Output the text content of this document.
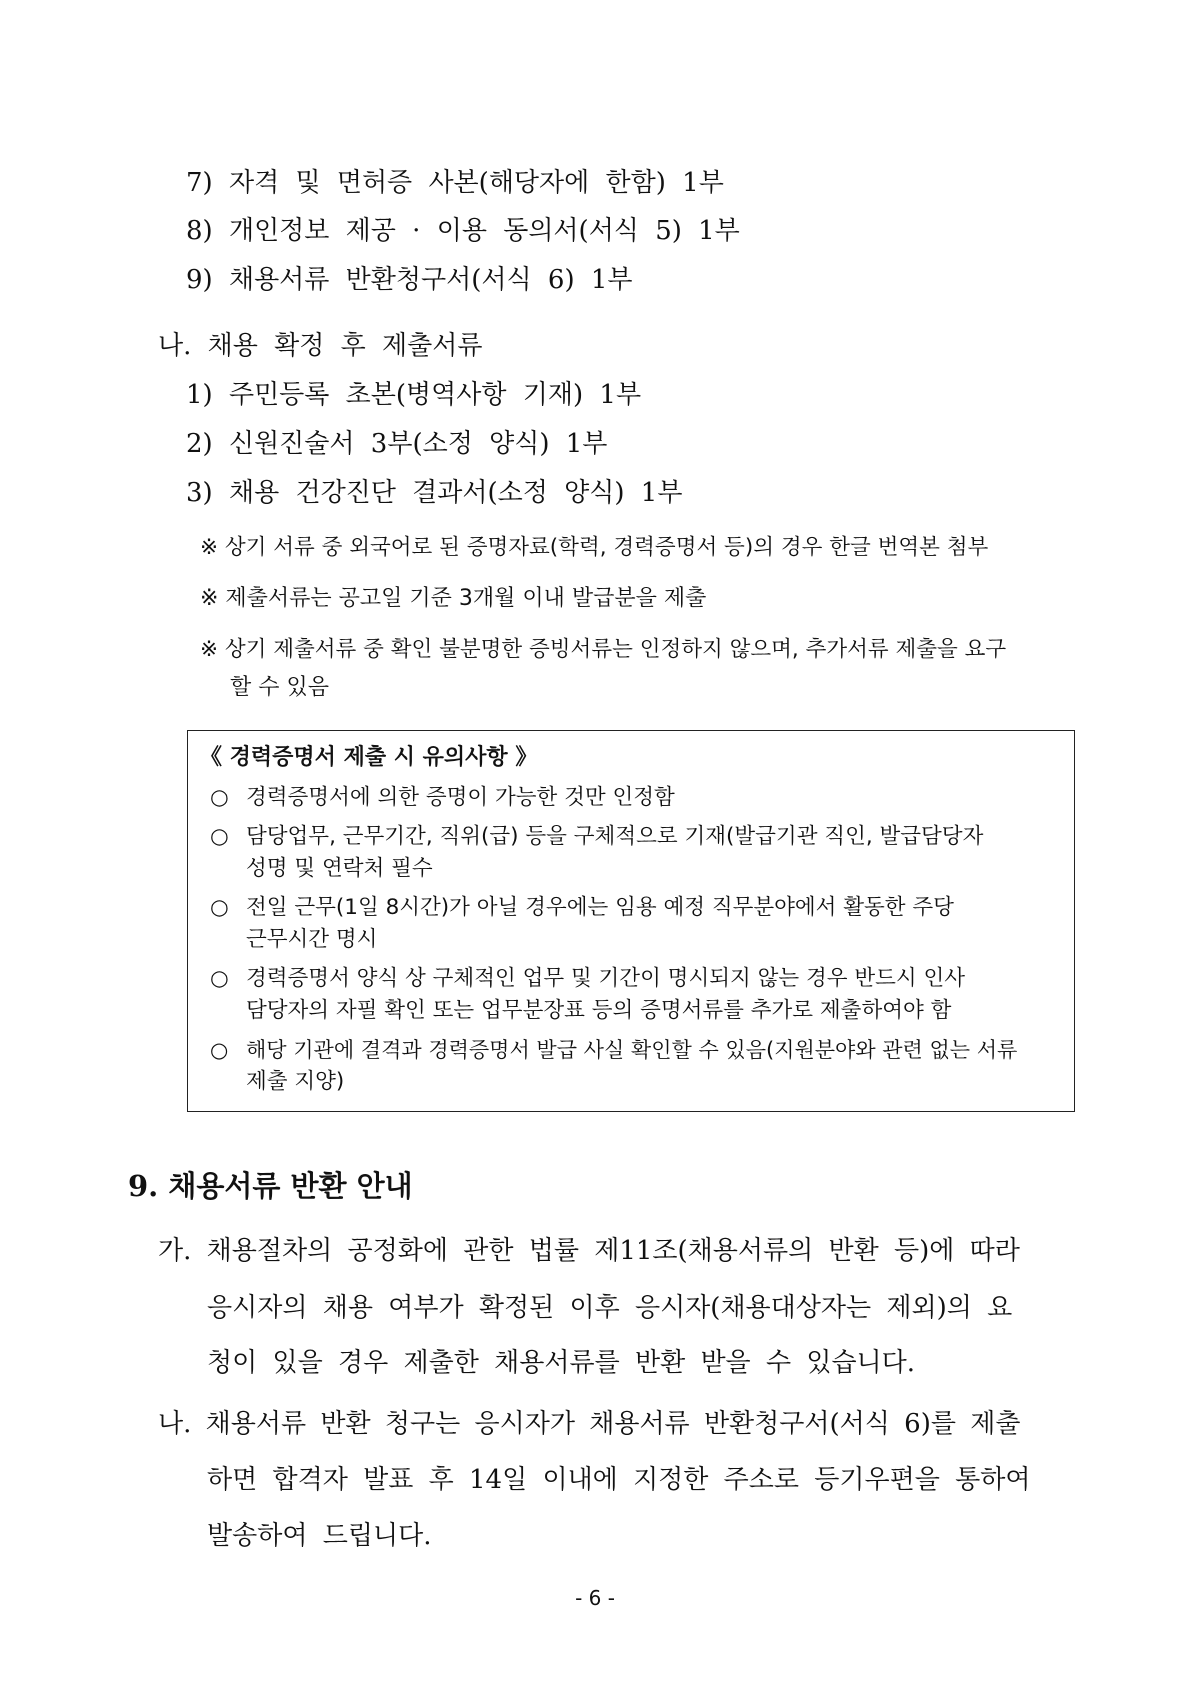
7) 자격 및 면허증 사본(해당자에 한함) 1부
8) 개인정보 제공 · 이용 동의서(서식 5) 1부
9) 채용서류 반환청구서(서식 6) 1부
나. 채용 확정 후 제출서류
1) 주민등록 초본(병역사항 기재) 1부
2) 신원진술서 3부(소정 양식) 1부
3) 채용 건강진단 결과서(소정 양식) 1부
※ 상기 서류 중 외국어로 된 증명자료(학력, 경력증명서 등)의 경우 한글 번역본 첨부
※ 제출서류는 공고일 기준 3개월 이내 발급분을 제출
※ 상기 제출서류 중 확인 불분명한 증빙서류는 인정하지 않으며, 추가서류 제출을 요구
할 수 있음
《 경력증명서 제출 시 유의사항 》
○ 경력증명서에 의한 증명이 가능한 것만 인정함
○ 담당업무, 근무기간, 직위(급) 등을 구체적으로 기재(발급기관 직인, 발급담당자
성명 및 연락처 필수
○ 전일 근무(1일 8시간)가 아닐 경우에는 임용 예정 직무분야에서 활동한 주당
근무시간 명시
○ 경력증명서 양식 상 구체적인 업무 및 기간이 명시되지 않는 경우 반드시 인사
담당자의 자필 확인 또는 업무분장표 등의 증명서류를 추가로 제출하여야 함
○ 해당 기관에 결격과 경력증명서 발급 사실 확인할 수 있음(지원분야와 관련 없는 서류
제출 지양)
9. 채용서류 반환 안내
가. 채용절차의 공정화에 관한 법률 제11조(채용서류의 반환 등)에 따라
응시자의 채용 여부가 확정된 이후 응시자(채용대상자는 제외)의 요
청이 있을 경우 제출한 채용서류를 반환 받을 수 있습니다.
나. 채용서류 반환 청구는 응시자가 채용서류 반환청구서(서식 6)를 제출
하면 합격자 발표 후 14일 이내에 지정한 주소로 등기우편을 통하여
발송하여 드립니다.
- 6 -
